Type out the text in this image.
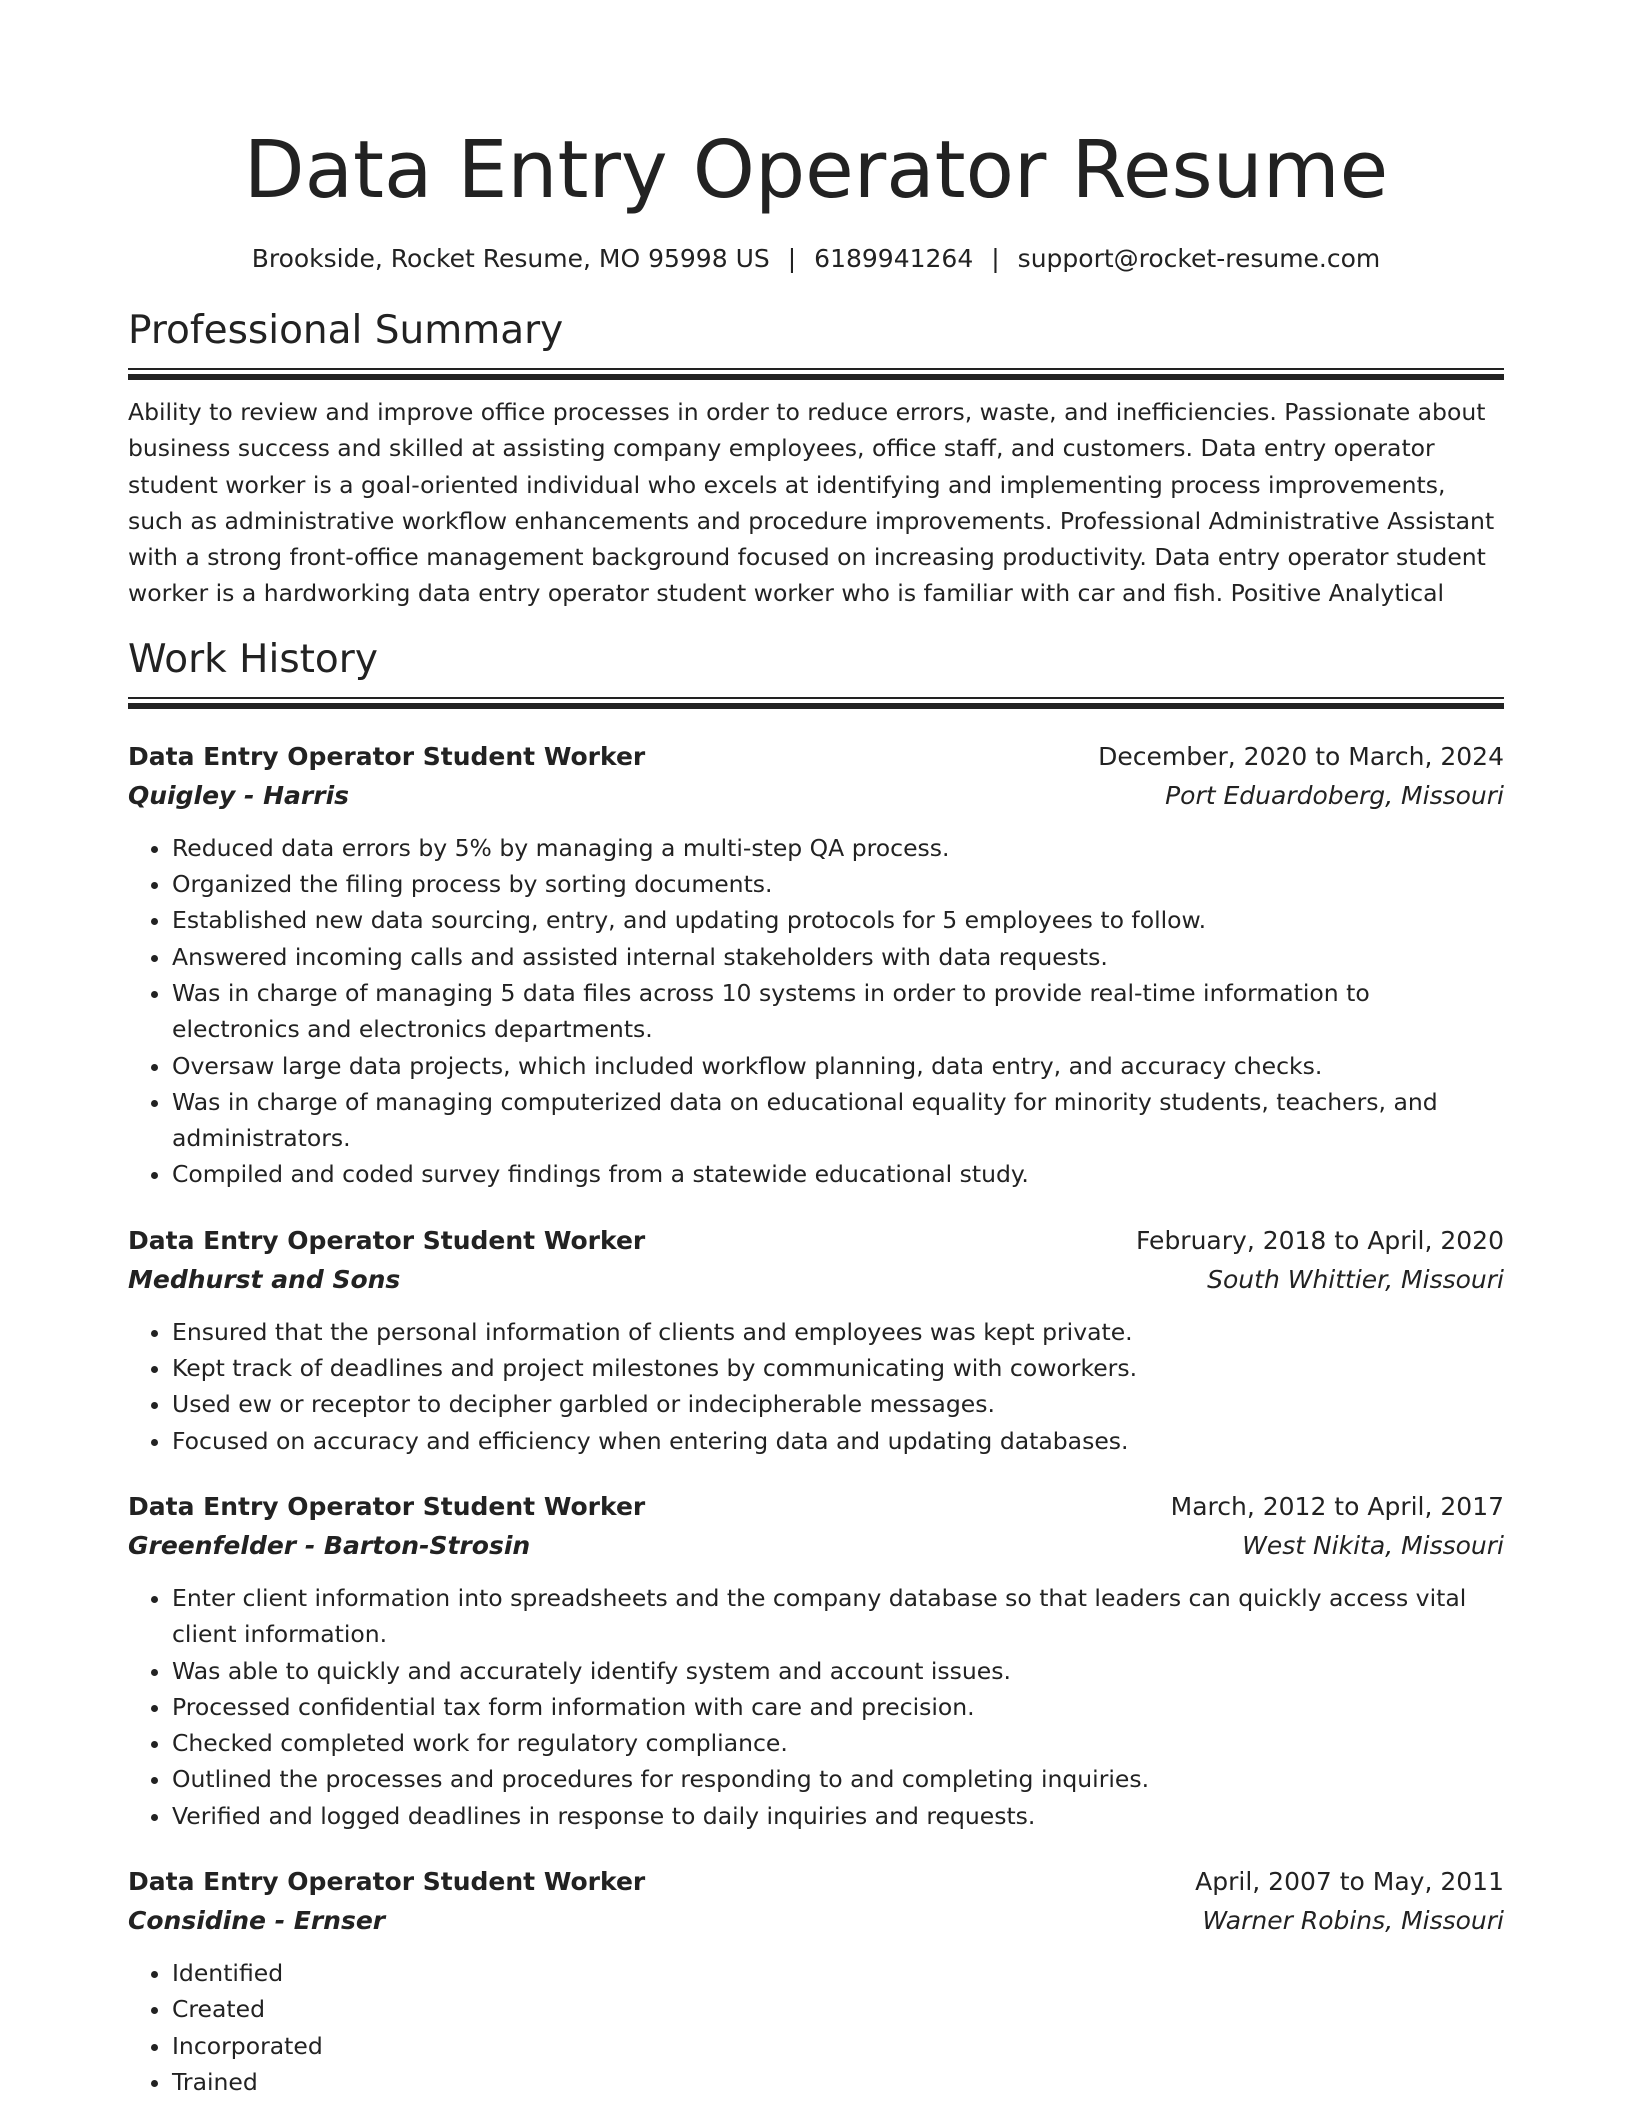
Data Entry Operator Resume
Brookside, Rocket Resume, MO 95998 US | 6189941264 | support@rocket-resume.com
Professional Summary

Ability to review and improve office processes in order to reduce errors, waste, and inefficiencies. Passionate about business success and skilled at assisting company employees, office staff, and customers. Data entry operator student worker is a goal-oriented individual who excels at identifying and implementing process improvements, such as administrative workflow enhancements and procedure improvements. Professional Administrative Assistant with a strong front-office management background focused on increasing productivity. Data entry operator student worker is a hardworking data entry operator student worker who is familiar with car and fish. Positive Analytical

Work History
Data Entry Operator Student Worker	December, 2020 to March, 2024
Quigley - Harris	Port Eduardoberg, Missouri
• Reduced data errors by 5% by managing a multi-step QA process.
• Organized the filing process by sorting documents.
• Established new data sourcing, entry, and updating protocols for 5 employees to follow.
• Answered incoming calls and assisted internal stakeholders with data requests.
• Was in charge of managing 5 data files across 10 systems in order to provide real-time information to electronics and electronics departments.
• Oversaw large data projects, which included workflow planning, data entry, and accuracy checks.
• Was in charge of managing computerized data on educational equality for minority students, teachers, and administrators.
• Compiled and coded survey findings from a statewide educational study.
Data Entry Operator Student Worker	February, 2018 to April, 2020
Medhurst and Sons	South Whittier, Missouri
• Ensured that the personal information of clients and employees was kept private.
• Kept track of deadlines and project milestones by communicating with coworkers.
• Used ew or receptor to decipher garbled or indecipherable messages.
• Focused on accuracy and efficiency when entering data and updating databases.
Data Entry Operator Student Worker	March, 2012 to April, 2017
Greenfelder - Barton-Strosin	West Nikita, Missouri
• Enter client information into spreadsheets and the company database so that leaders can quickly access vital client information.
• Was able to quickly and accurately identify system and account issues.
• Processed confidential tax form information with care and precision.
• Checked completed work for regulatory compliance.
• Outlined the processes and procedures for responding to and completing inquiries.
• Verified and logged deadlines in response to daily inquiries and requests.
Data Entry Operator Student Worker	April, 2007 to May, 2011
Considine - Ernser	Warner Robins, Missouri
• Identified
• Created
• Incorporated
• Trained
